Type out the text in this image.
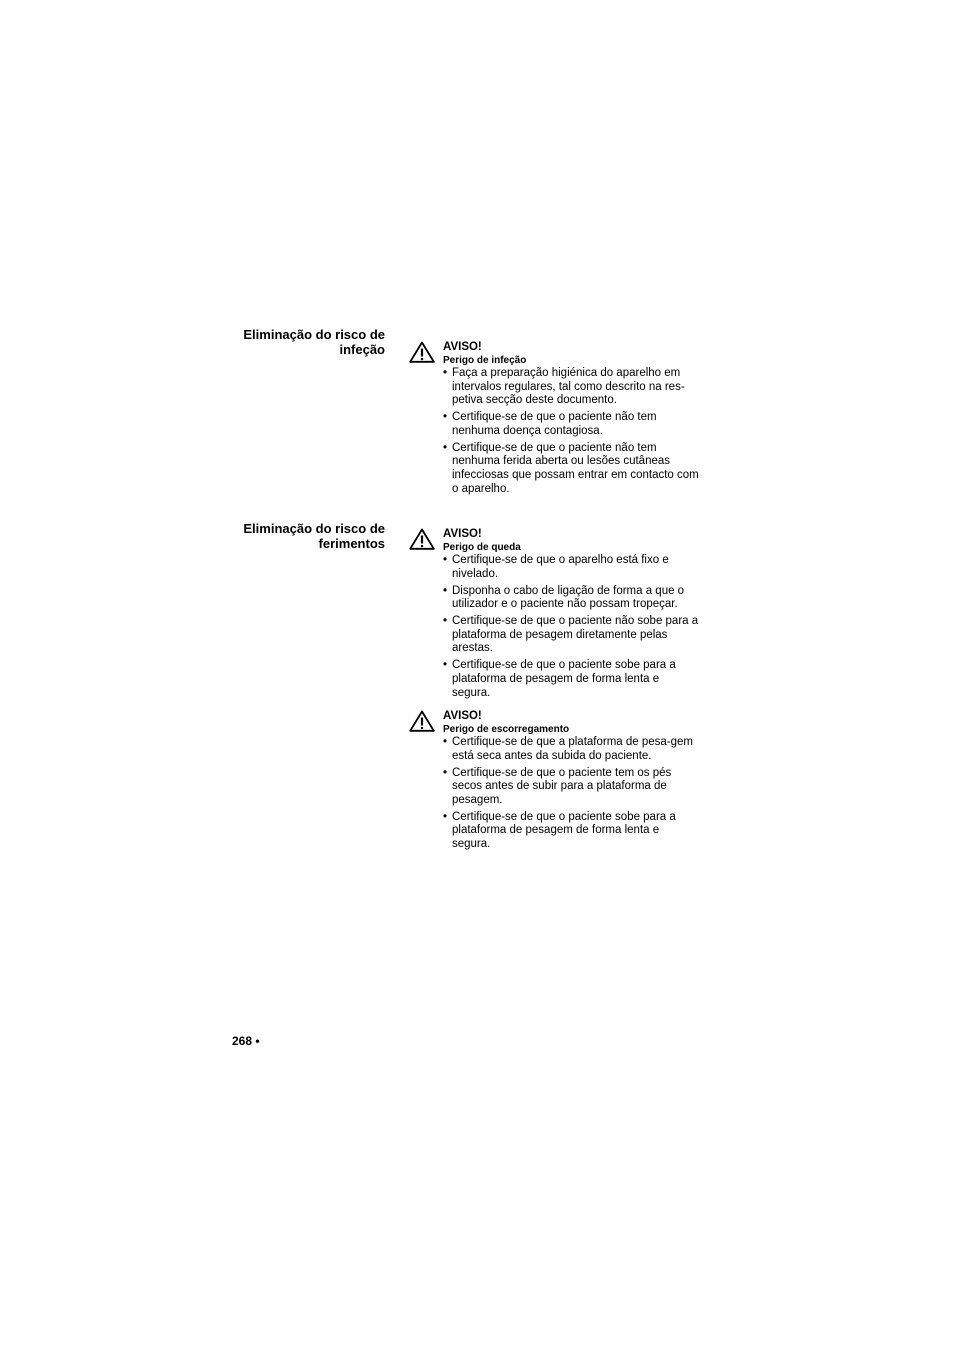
Eliminação do risco de
infeção	AVISO!
Perigo de infeção
• Faça a preparação higiénica do aparelho em intervalos regulares, tal como descrito na res-petiva secção deste documento.
• Certifique-se de que o paciente não tem nenhuma doença contagiosa.
• Certifique-se de que o paciente não tem nenhuma ferida aberta ou lesões cutâneas infecciosas que possam entrar em contacto com o aparelho.
Eliminação do risco de
ferimentos
AVISO!
Perigo de queda
• Certifique-se de que o aparelho está fixo e nivelado.
• Disponha o cabo de ligação de forma a que o utilizador e o paciente não possam tropeçar.
• Certifique-se de que o paciente não sobe para a plataforma de pesagem diretamente pelas arestas.
• Certifique-se de que o paciente sobe para a plataforma de pesagem de forma lenta e segura.
AVISO!
Perigo de escorregamento
• Certifique-se de que a plataforma de pesa-gem está seca antes da subida do paciente.
• Certifique-se de que o paciente tem os pés secos antes de subir para a plataforma de pesagem.
• Certifique-se de que o paciente sobe para a plataforma de pesagem de forma lenta e segura.
268 •
